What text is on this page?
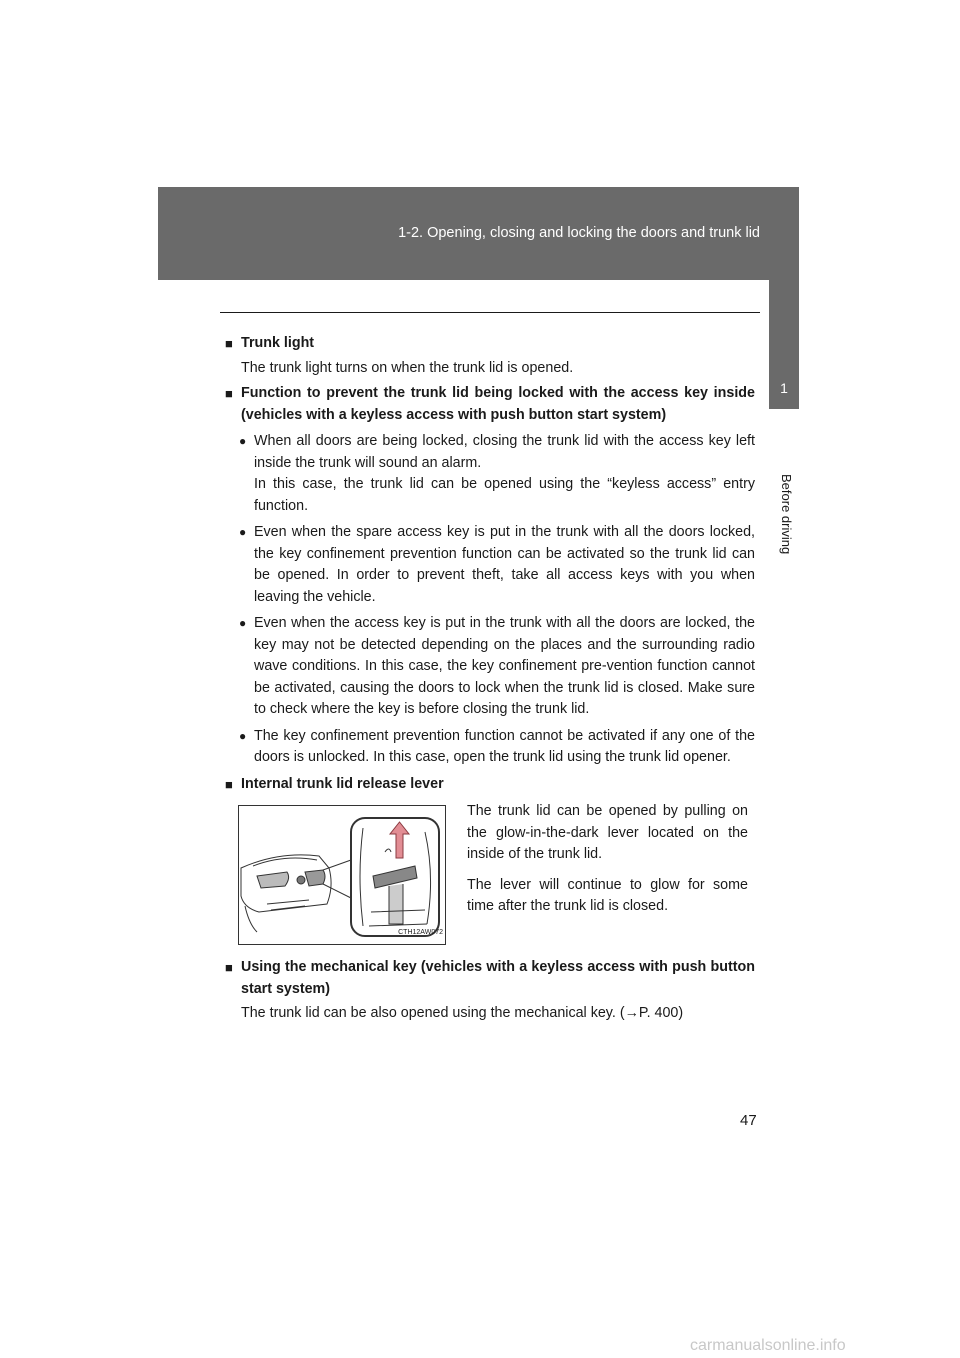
1-2. Opening, closing and locking the doors and trunk lid
1
Before driving
■ Trunk light
The trunk light turns on when the trunk lid is opened.
■ Function to prevent the trunk lid being locked with the access key inside (vehicles with a keyless access with push button start system)
● When all doors are being locked, closing the trunk lid with the access key left inside the trunk will sound an alarm.
In this case, the trunk lid can be opened using the “keyless access” entry function.
● Even when the spare access key is put in the trunk with all the doors locked, the key confinement prevention function can be activated so the trunk lid can be opened. In order to prevent theft, take all access keys with you when leaving the vehicle.
● Even when the access key is put in the trunk with all the doors are locked, the key may not be detected depending on the places and the surrounding radio wave conditions. In this case, the key confinement pre-vention function cannot be activated, causing the doors to lock when the trunk lid is closed. Make sure to check where the key is before closing the trunk lid.
● The key confinement prevention function cannot be activated if any one of the doors is unlocked. In this case, open the trunk lid using the trunk lid opener.
■ Internal trunk lid release lever
CTH12AW072

The trunk lid can be opened by pulling on the glow-in-the-dark lever located on the inside of the trunk lid.

The lever will continue to glow for some time after the trunk lid is closed.

■ Using the mechanical key (vehicles with a keyless access with push button start system)
The trunk lid can be also opened using the mechanical key. (→P. 400)
47
carmanualsonline.info
